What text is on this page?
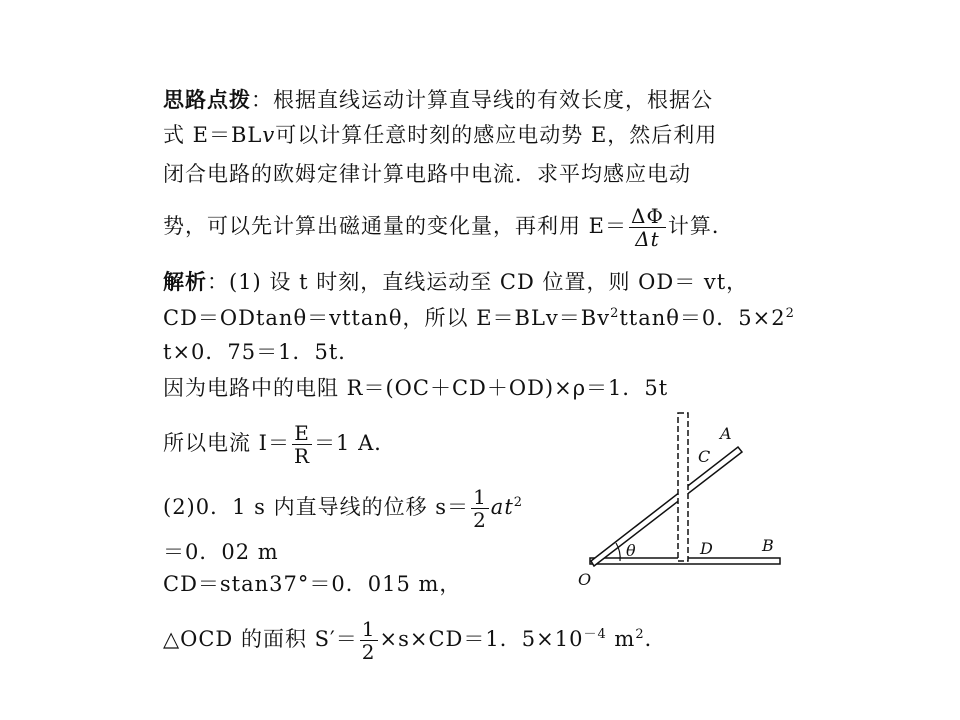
思路点拨：根据直线运动计算直导线的有效长度，根据公
式 E＝BLv可以计算任意时刻的感应电动势 E，然后利用
闭合电路的欧姆定律计算电路中电流．求平均感应电动
势，可以先计算出磁通量的变化量，再利用 $E= \frac{\Delta\Phi}{\Delta t}$ 计算．
解析：(1) 设 t 时刻，直线运动至 CD 位置，则 OD＝ vt，
CD＝ODtanθ＝vttanθ，所以 $E=BLv=Bv^2ttan\theta=0$．$5\times 2^2$
t×0．75＝1．5t．
因为电路中的电阻 R＝(OC＋CD＋OD)×ρ＝1．5t
所以电流 $I= \frac{E}{R} =1$ A．
(2)0．1 s 内直导线的位移 $s= \frac{1}{2} at^2$
＝0．02 m
CD＝stan37°＝0．015 m，
△OCD 的面积 $S'= \frac{1}{2} \times s\times CD=1$．$5\times 10^{-4}$ $m^2$．
A
C
θ	D	B
O
